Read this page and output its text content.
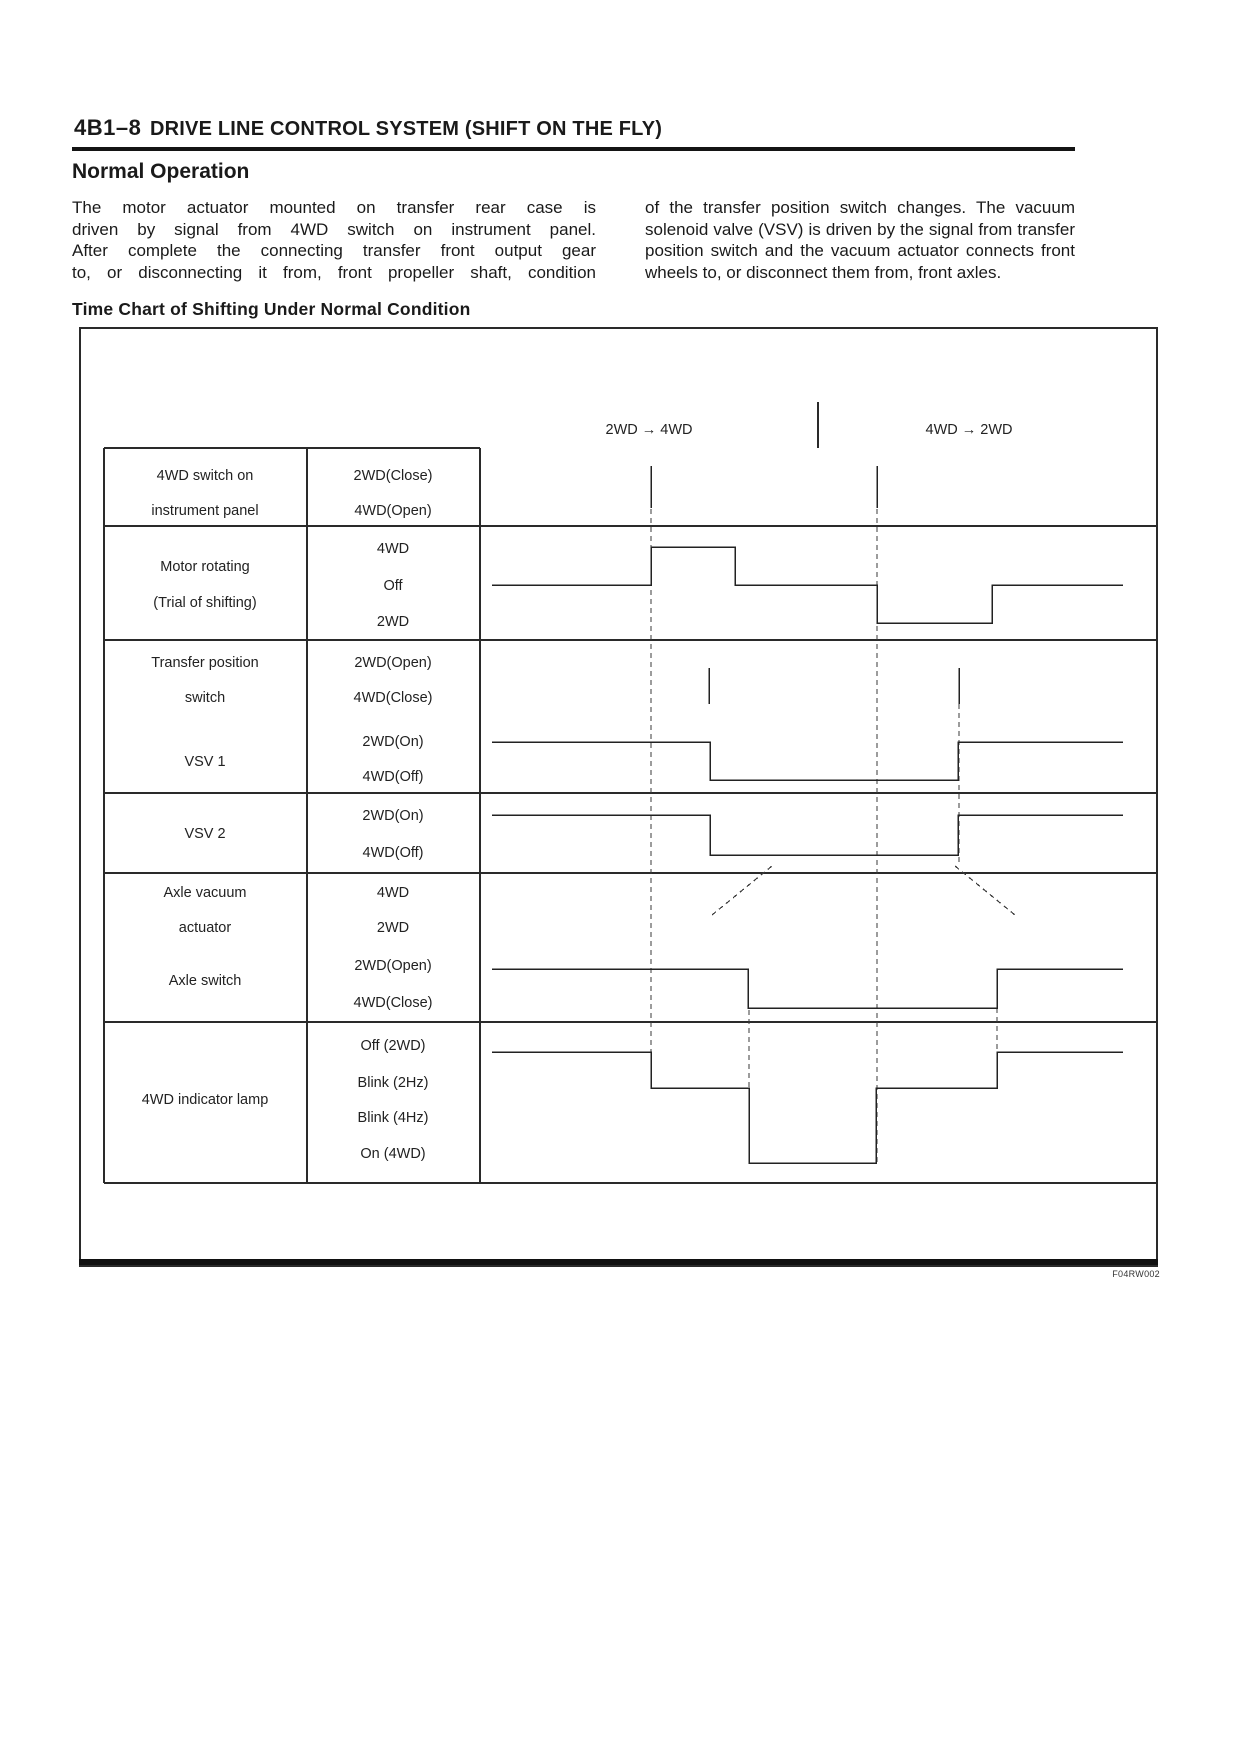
4B1–8 DRIVE LINE CONTROL SYSTEM (SHIFT ON THE FLY)
Normal Operation
The motor actuator mounted on transfer rear case is
driven by signal from 4WD switch on instrument panel.
After complete the connecting transfer front output gear
to, or disconnecting it from, front propeller shaft, condition
of the transfer position switch changes. The vacuum
solenoid valve (VSV) is driven by the signal from transfer
position switch and the vacuum actuator connects front
wheels to, or disconnect them from, front axles.
Time Chart of Shifting Under Normal Condition
2WD → 4WD	4WD → 2WD
4WD switch on
instrument panel
2WD(Close)
4WD(Open)
Motor rotating
(Trial of shifting)
4WD
Off
2WD
Transfer position
switch
VSV 1
2WD(Open)
4WD(Close)
2WD(On)
4WD(Off)
VSV 2
2WD(On)
4WD(Off)
Axle vacuum
actuator
Axle switch
4WD
2WD
2WD(Open)
4WD(Close)
4WD indicator lamp
Off (2WD)
Blink (2Hz)
Blink (4Hz)
On (4WD)
F04RW002
